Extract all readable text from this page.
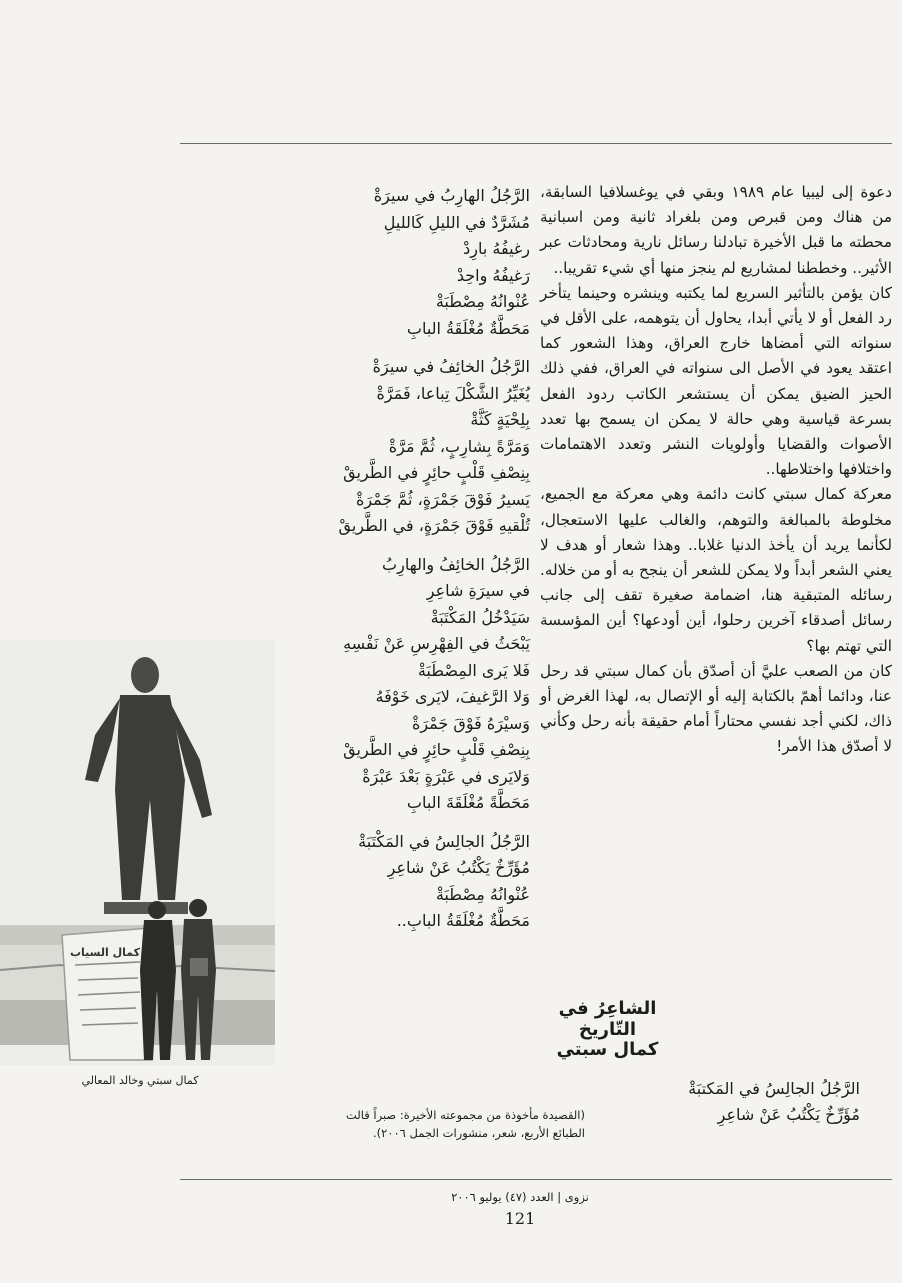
دعوة إلى ليبيا عام ١٩٨٩ وبقي في يوغسلافيا السابقة، من هناك ومن قبرص ومن بلغراد ثانية ومن اسبانية محطته ما قبل الأخيرة تبادلنا رسائل نارية ومحادثات عبر الأثير.. وخططنا لمشاريع لم ينجز منها أي شيء تقريبا..

كان يؤمن بالتأثير السريع لما يكتبه وينشره وحينما يتأخر رد الفعل أو لا يأتي أبدا، يحاول أن يتوهمه، على الأقل في سنواته التي أمضاها خارج العراق، وهذا الشعور كما اعتقد يعود في الأصل الى سنواته في العراق، ففي ذلك الحيز الضيق يمكن أن يستشعر الكاتب ردود الفعل بسرعة قياسية وهي حالة لا يمكن ان يسمح بها تعدد الأصوات والقضايا وأولويات النشر وتعدد الاهتمامات واختلافها واختلاطها..

معركة كمال سبتي كانت دائمة وهي معركة مع الجميع، مخلوطة بالمبالغة والتوهم، والغالب عليها الاستعجال، لكأنما يريد أن يأخذ الدنيا غلابا.. وهذا شعار أو هدف لا يعني الشعر أبداً ولا يمكن للشعر أن ينجح به أو من خلاله.

رسائله المتبقية هنا، اضمامة صغيرة تقف إلى جانب رسائل أصدقاء آخرين رحلوا، أين أودعها؟ أين المؤسسة التي تهتم بها؟

كان من الصعب عليَّ أن أصدّق بأن كمال سبتي قد رحل عنا، ودائما أهمّ بالكتابة إليه أو الإتصال به، لهذا الغرض أو ذاك، لكني أجد نفسي محتاراً أمام حقيقة بأنه رحل وكأني لا أصدّق هذا الأمر!

الشاعِرُ في التّاريخ
كمال سبتي
الرَّجُلُ الجالِسُ في المَكتبَةْ
مُؤَرِّخٌ يَكْتُبُ عَنْ شاعِرِ
الرَّجُلُ الهارِبُ في سيرَةْ
مُشَرَّدٌ في الليلِ كَالليلِ
رغيفُهُ بارِدْ
رَغيفُهُ واحِدْ
عُنْوانُهُ مِصْطَبَةْ
مَحَطَّةٌ مُغْلَقَةُ البابِ
الرَّجُلُ الخائِفُ في سيرَةْ
يُغَيِّرُ الشَّكْلَ تِباعا، فَمَرَّةْ
بِلِحْيَةٍ كَثَّةْ
وَمَرَّةً بِشارِبٍ، ثُمَّ مَرَّةْ
بِنِصْفِ قَلْبٍ حائِرٍ في الطَّريقْ
يَسيرُ فَوْقَ جَمْرَةٍ، ثُمَّ جَمْرَةْ
تُلْقيهِ فَوْقَ جَمْرَةٍ، في الطَّريقْ
الرَّجُلُ الخائِفُ والهارِبُ
في سيرَةِ شاعِرِ
سَيَدْخُلُ المَكْتَبَةْ
يَبْحَثُ في الفِهْرِسِ عَنْ نَفْسِهِ
فَلا يَرى المِصْطَبَةْ
وَلا الرَّغيفَ، لايَرى خَوْفَهُ
وَسيْرَهُ فَوْقَ جَمْرَةْ
بِنِصْفِ قَلْبٍ حائِرٍ في الطَّريقْ
وَلايَرى في عَبْرَةٍ بَعْدَ عَبْرَةْ
مَحَطَّةً مُغْلَقَةَ البابِ
الرَّجُلُ الجالِسُ في المَكْتَبَةْ
مُؤَرِّخٌ يَكْتُبُ عَنْ شاعِرِ
عُنْوانُهُ مِصْطَبَةْ
مَحَطَّةٌ مُغْلَقَةُ البابِ..
كمال السياب
كمال سبتي وخالد المعالي
(القصيدة مأخوذة من مجموعته الأخيرة: صبراً قالت الطبائع الأربع، شعر، منشورات الجمل ٢٠٠٦).
نزوى | العدد (٤٧) يوليو ٢٠٠٦
121
